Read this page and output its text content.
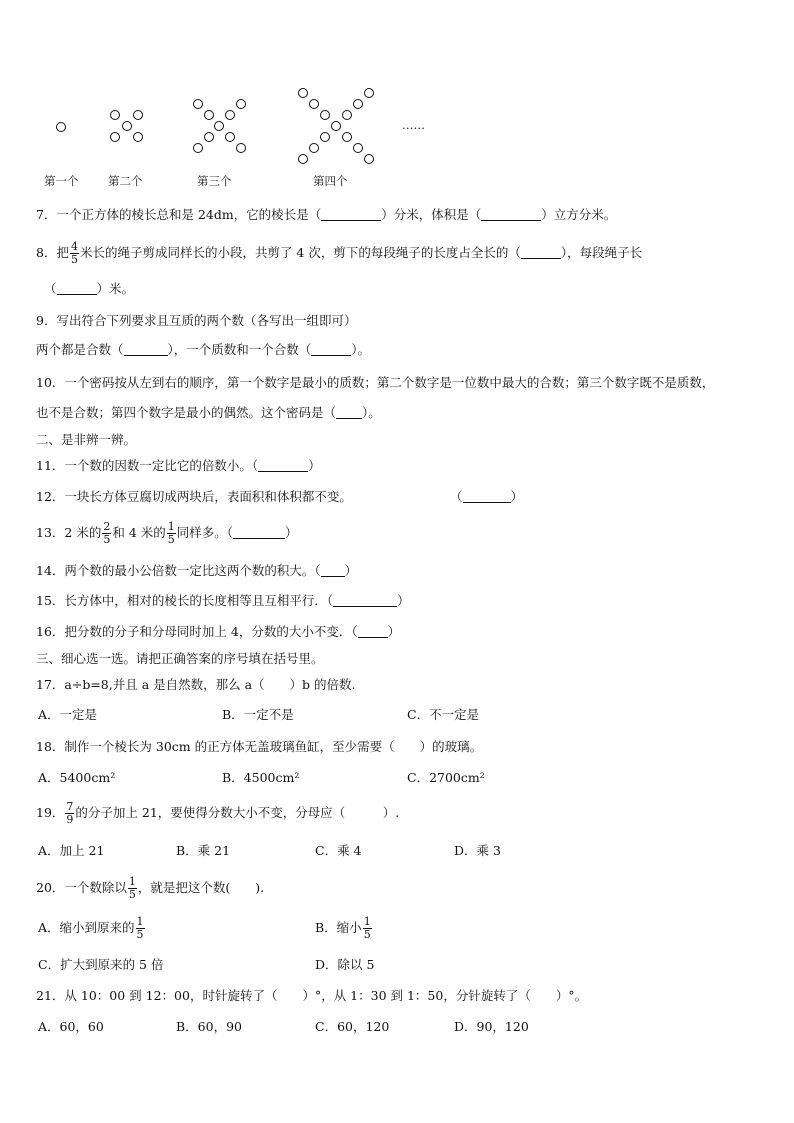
……
第一个	第二个	第三个	第四个
7．一个正方体的棱长总和是 24dm，它的棱长是（	）分米，体积是（	）立方分米。
8．把 $\frac{4}{5}$ 米长的绳子剪成同样长的小段，共剪了 4 次，剪下的每段绳子的长度占全长的（	），每段绳子长
（	）米。
9．写出符合下列要求且互质的两个数（各写出一组即可）
两个都是合数（	），一个质数和一个合数（	）。
10．一个密码按从左到右的顺序，第一个数字是最小的质数；第二个数字是一位数中最大的合数；第三个数字既不是质数，
也不是合数；第四个数字是最小的偶然。这个密码是（ ）。
二、是非辨一辨。
11．一个数的因数一定比它的倍数小。（	）
12．一块长方体豆腐切成两块后，表面积和体积都不变。	（	）
13．2 米的 $\frac{2}{5}$ 和 4 米的 $\frac{1}{5}$ 同样多。（	）
14．两个数的最小公倍数一定比这两个数的积大。（ ）
15．长方体中，相对的棱长的长度相等且互相平行．（	）
16．把分数的分子和分母同时加上 4，分数的大小不变．（ ）
三、细心选一选。请把正确答案的序号填在括号里。
17．a÷b=8,并且 a 是自然数，那么 a（　　）b 的倍数.
A．一定是	B．一定不是	C．不一定是
18．制作一个棱长为 30cm 的正方体无盖玻璃鱼缸，至少需要（　　）的玻璃。
A．5400cm²	B．4500cm²	C．2700cm²
19． $\frac{7}{9}$ 的分子加上 21，要使得分数大小不变，分母应（　　　）.
A．加上 21	B．乘 21	C．乘 4	D．乘 3
20．一个数除以 $\frac{1}{5}$ ，就是把这个数(　　).
A．缩小到原来的 $\frac{1}{5}$	B．缩小 $\frac{1}{5}$
C．扩大到原来的 5 倍	D．除以 5
21．从 10：00 到 12：00，时针旋转了（　　）°，从 1：30 到 1：50，分针旋转了（　　）°。
A．60，60	B．60，90	C．60，120	D．90，120
